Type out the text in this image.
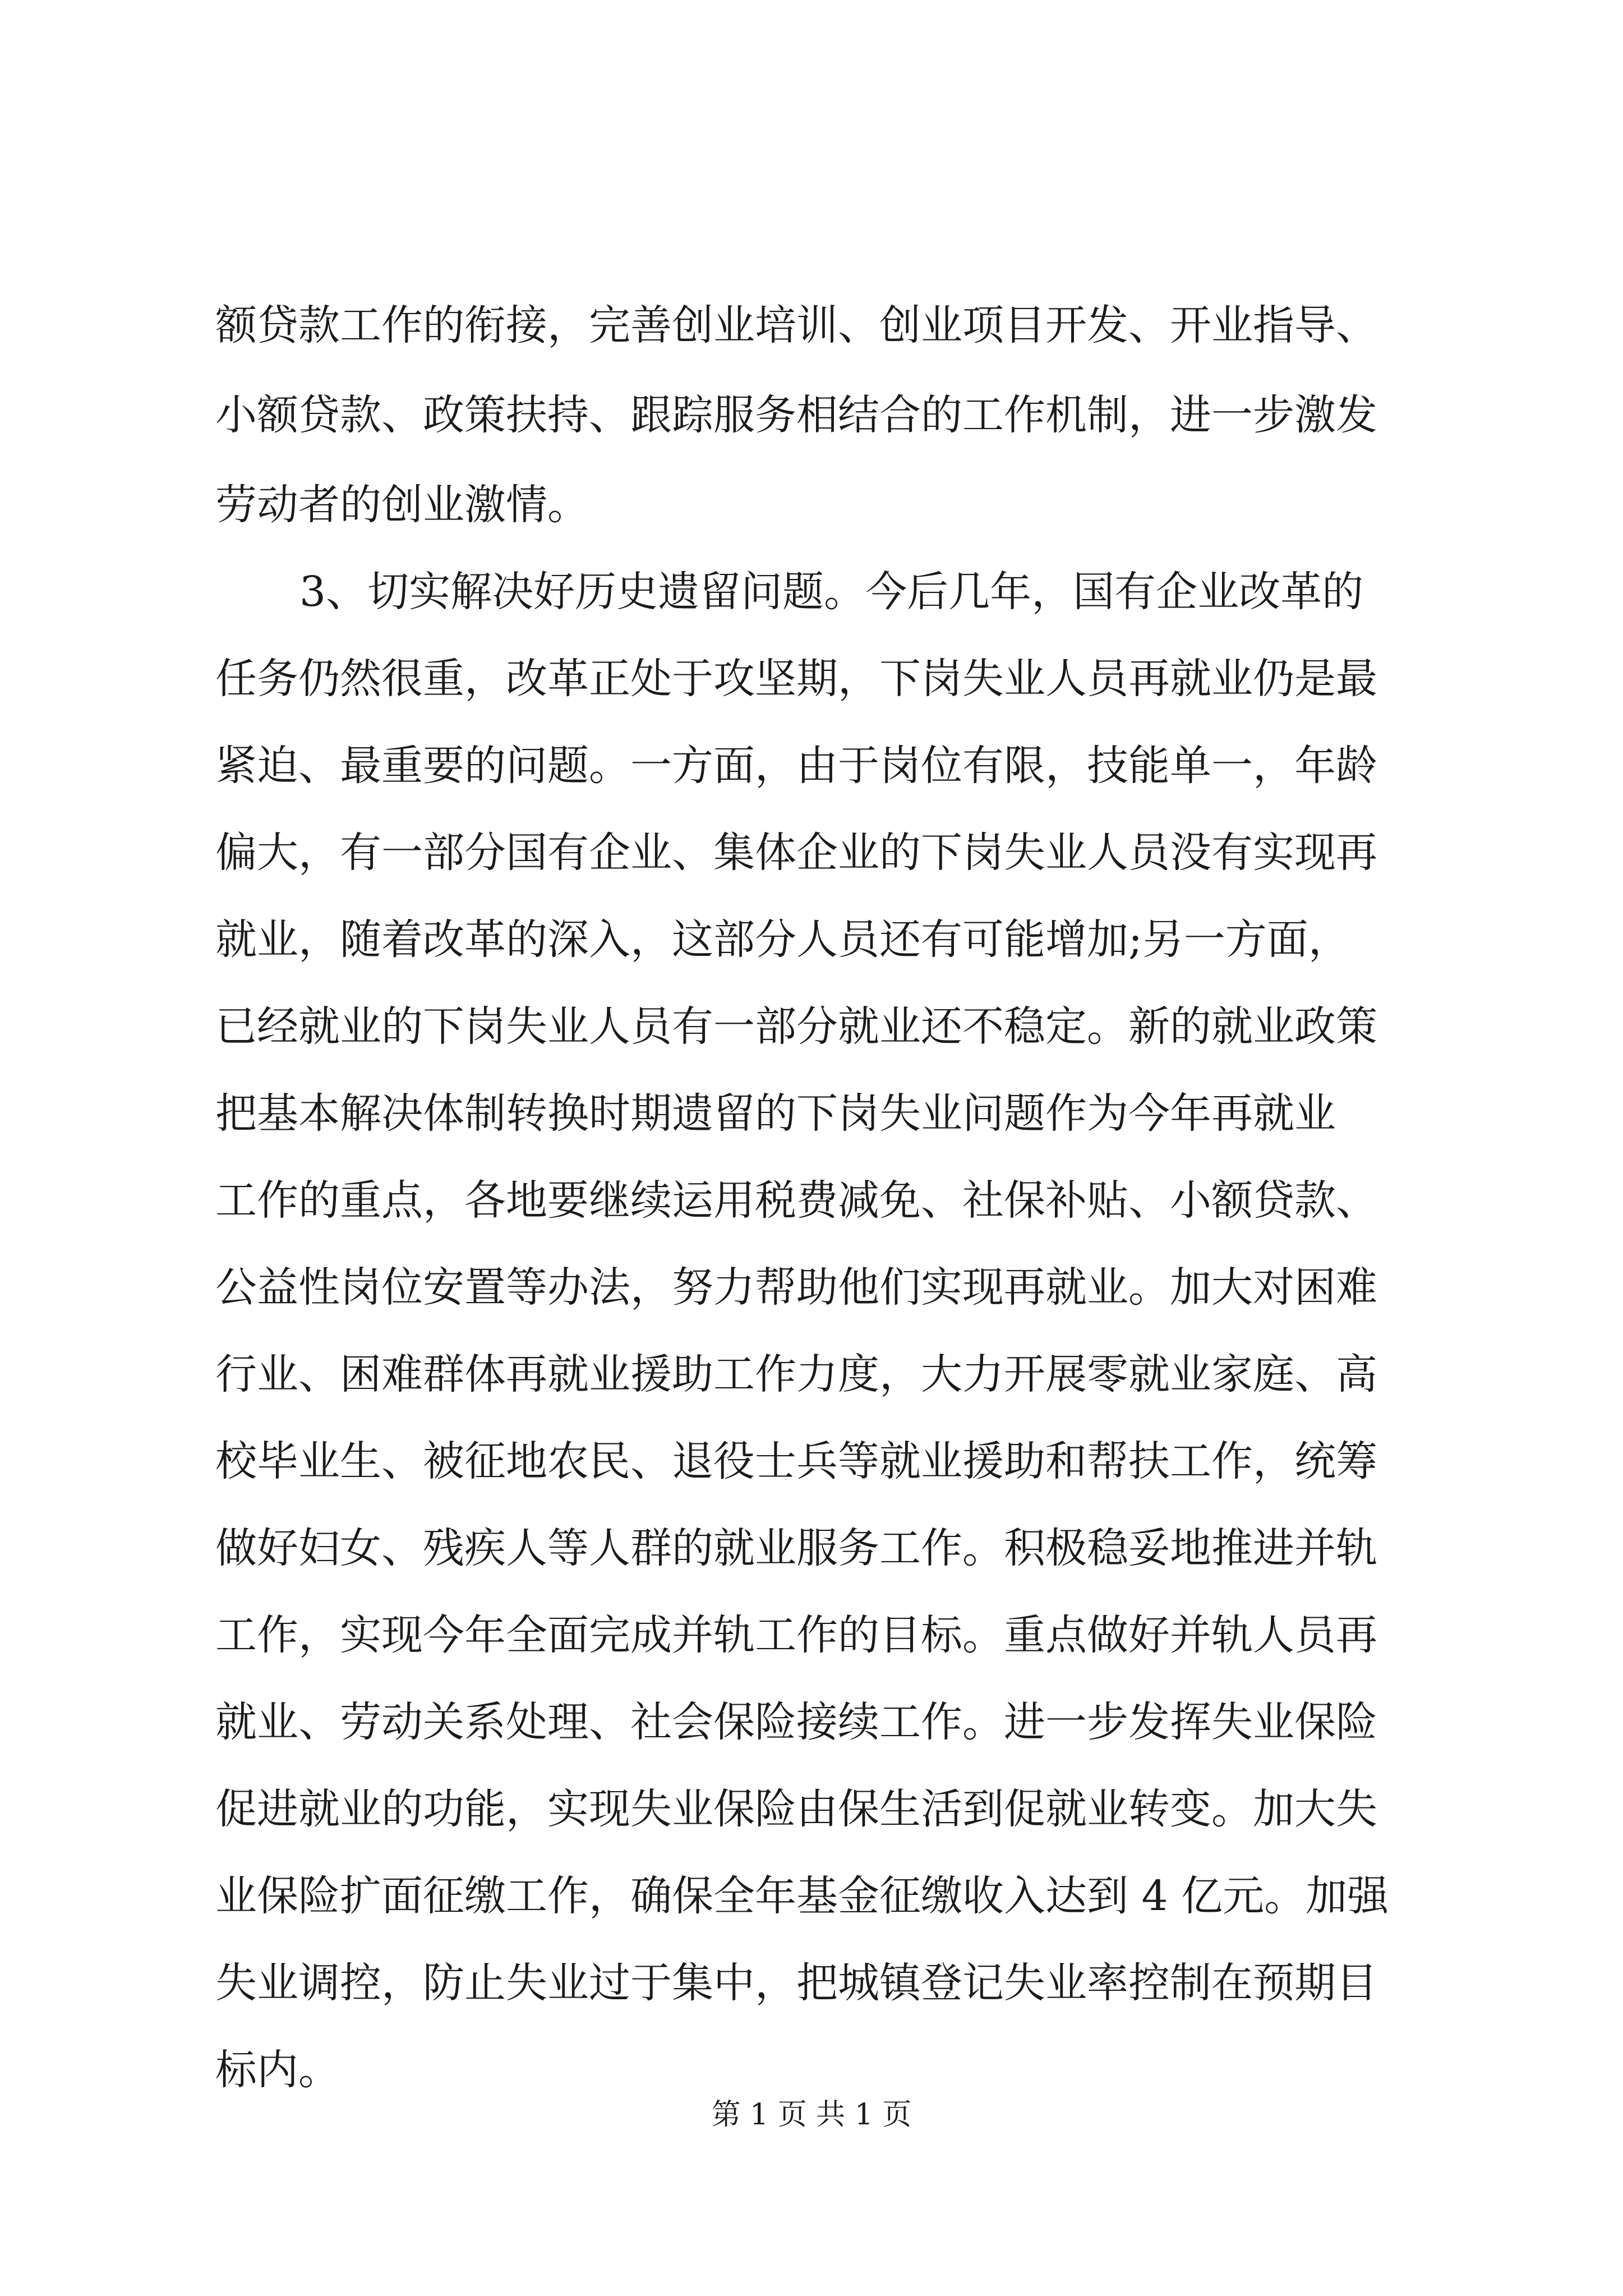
额贷款工作的衔接，完善创业培训、创业项目开发、开业指导、
小额贷款、政策扶持、跟踪服务相结合的工作机制，进一步激发
劳动者的创业激情。
3、切实解决好历史遗留问题。今后几年，国有企业改革的
任务仍然很重，改革正处于攻坚期，下岗失业人员再就业仍是最
紧迫、最重要的问题。一方面，由于岗位有限，技能单一，年龄
偏大，有一部分国有企业、集体企业的下岗失业人员没有实现再
就业，随着改革的深入，这部分人员还有可能增加;另一方面，
已经就业的下岗失业人员有一部分就业还不稳定。新的就业政策
把基本解决体制转换时期遗留的下岗失业问题作为今年再就业
工作的重点，各地要继续运用税费减免、社保补贴、小额贷款、
公益性岗位安置等办法，努力帮助他们实现再就业。加大对困难
行业、困难群体再就业援助工作力度，大力开展零就业家庭、高
校毕业生、被征地农民、退役士兵等就业援助和帮扶工作，统筹
做好妇女、残疾人等人群的就业服务工作。积极稳妥地推进并轨
工作，实现今年全面完成并轨工作的目标。重点做好并轨人员再
就业、劳动关系处理、社会保险接续工作。进一步发挥失业保险
促进就业的功能，实现失业保险由保生活到促就业转变。加大失
业保险扩面征缴工作，确保全年基金征缴收入达到 4 亿元。加强
失业调控，防止失业过于集中，把城镇登记失业率控制在预期目
标内。
第 1 页 共 1 页
